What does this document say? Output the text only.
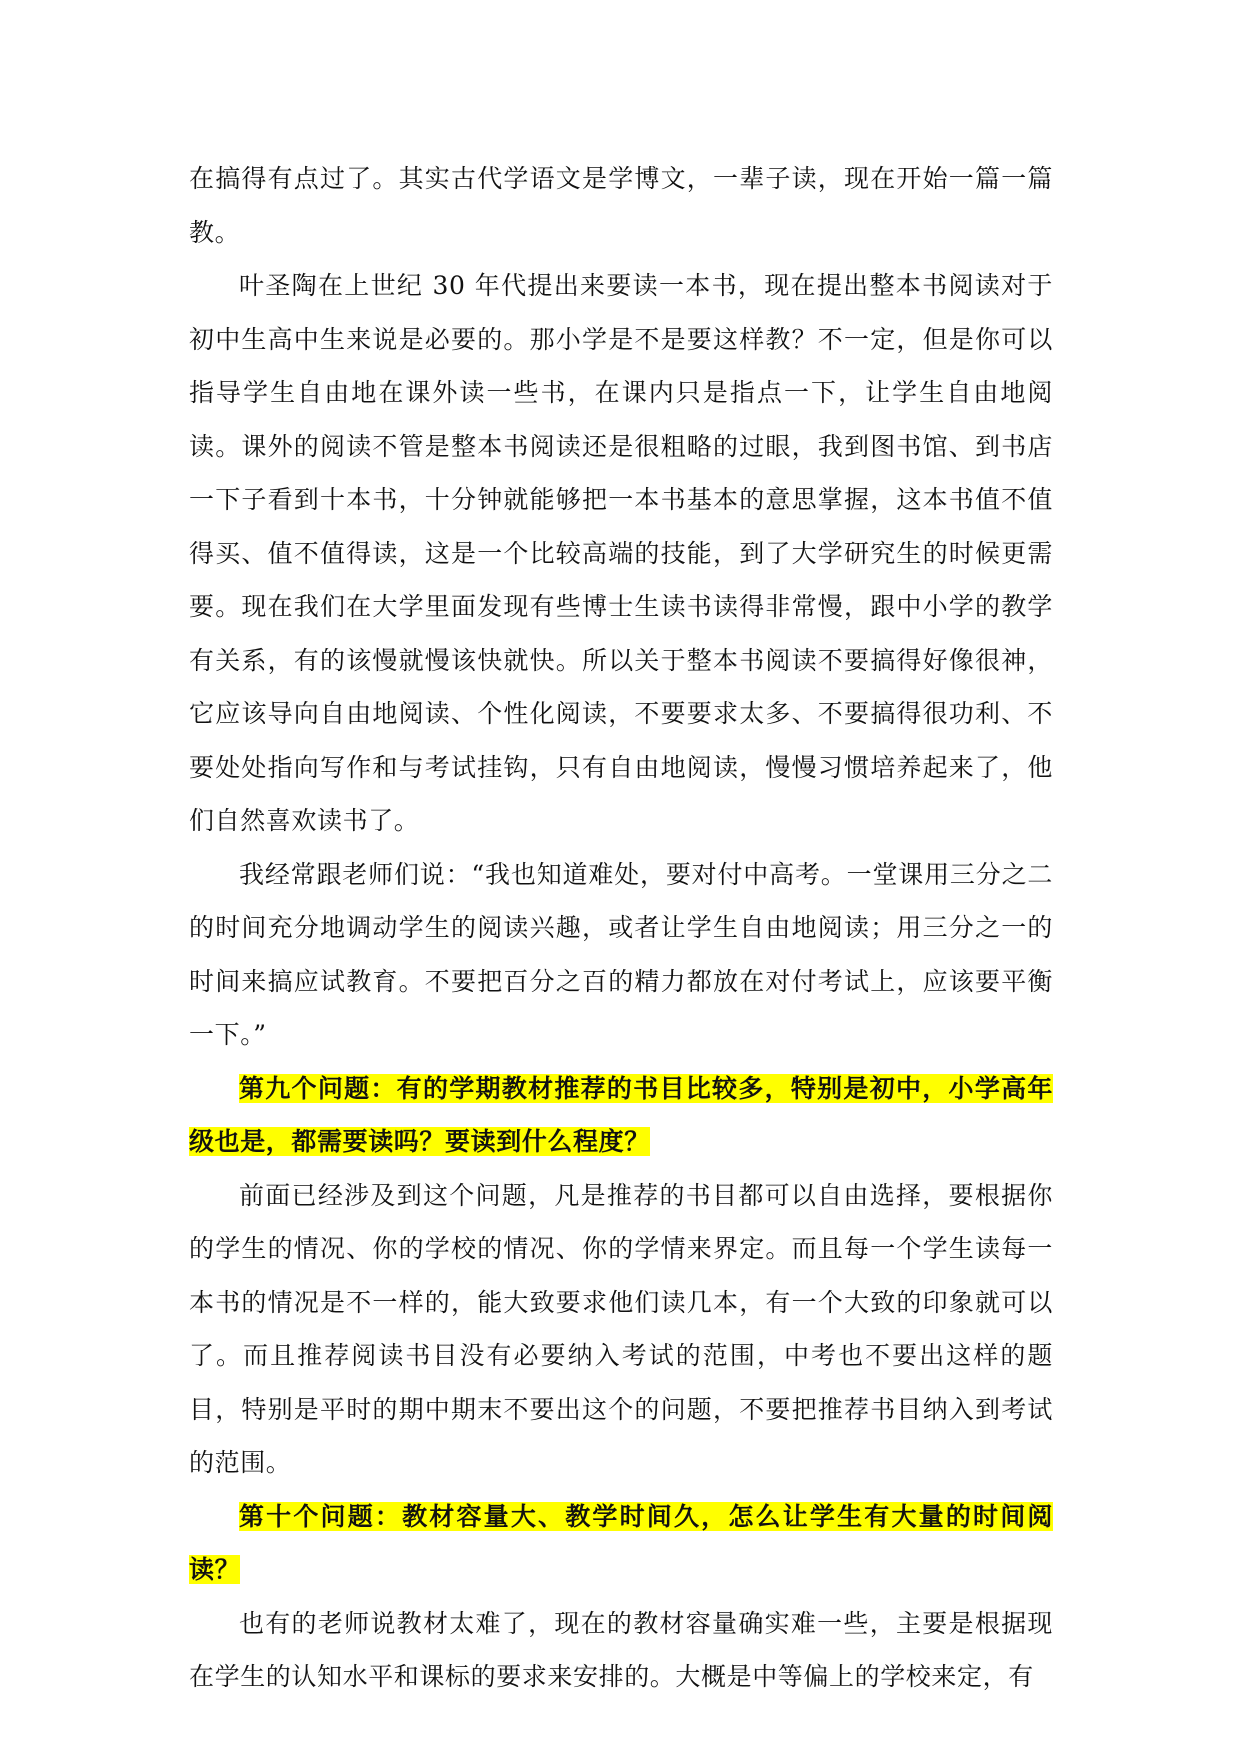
在搞得有点过了。其实古代学语文是学博文，一辈子读，现在开始一篇一篇教。

叶圣陶在上世纪 30 年代提出来要读一本书，现在提出整本书阅读对于初中生高中生来说是必要的。那小学是不是要这样教？不一定，但是你可以指导学生自由地在课外读一些书，在课内只是指点一下，让学生自由地阅读。课外的阅读不管是整本书阅读还是很粗略的过眼，我到图书馆、到书店一下子看到十本书，十分钟就能够把一本书基本的意思掌握，这本书值不值得买、值不值得读，这是一个比较高端的技能，到了大学研究生的时候更需要。现在我们在大学里面发现有些博士生读书读得非常慢，跟中小学的教学有关系，有的该慢就慢该快就快。所以关于整本书阅读不要搞得好像很神，它应该导向自由地阅读、个性化阅读，不要要求太多、不要搞得很功利、不要处处指向写作和与考试挂钩，只有自由地阅读，慢慢习惯培养起来了，他们自然喜欢读书了。

我经常跟老师们说：“我也知道难处，要对付中高考。一堂课用三分之二的时间充分地调动学生的阅读兴趣，或者让学生自由地阅读；用三分之一的时间来搞应试教育。不要把百分之百的精力都放在对付考试上，应该要平衡一下。”

第九个问题：有的学期教材推荐的书目比较多，特别是初中，小学高年级也是，都需要读吗？要读到什么程度？

前面已经涉及到这个问题，凡是推荐的书目都可以自由选择，要根据你的学生的情况、你的学校的情况、你的学情来界定。而且每一个学生读每一本书的情况是不一样的，能大致要求他们读几本，有一个大致的印象就可以了。而且推荐阅读书目没有必要纳入考试的范围，中考也不要出这样的题目，特别是平时的期中期末不要出这个的问题，不要把推荐书目纳入到考试的范围。

第十个问题：教材容量大、教学时间久，怎么让学生有大量的时间阅读？

也有的老师说教材太难了，现在的教材容量确实难一些，主要是根据现在学生的认知水平和课标的要求来安排的。大概是中等偏上的学校来定，有
